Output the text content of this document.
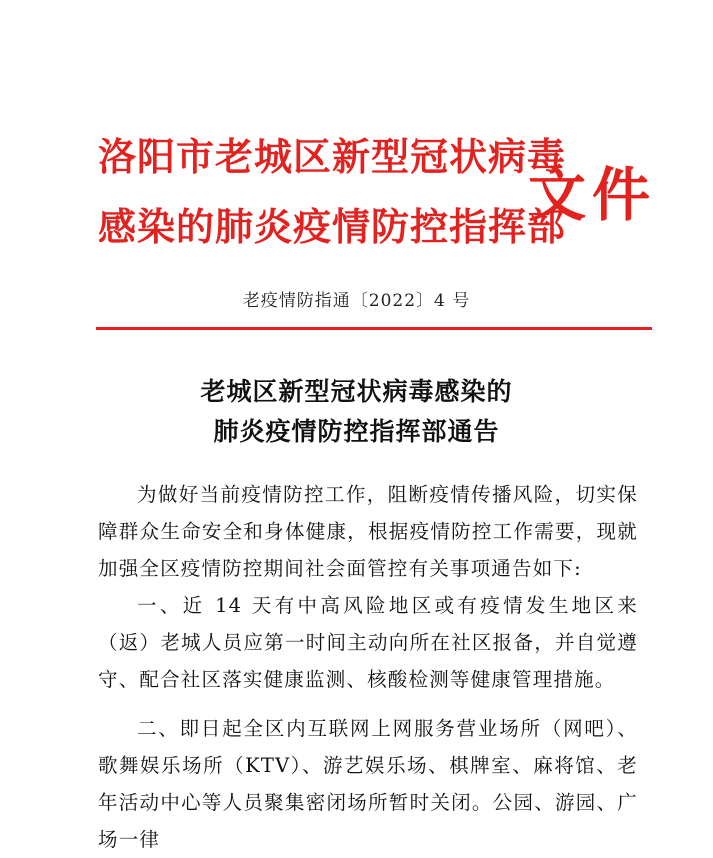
洛阳市老城区新型冠状病毒
感染的肺炎疫情防控指挥部
文件
老疫情防指通〔2022〕4 号
老城区新型冠状病毒感染的
肺炎疫情防控指挥部通告

为做好当前疫情防控工作，阻断疫情传播风险，切实保障群众生命安全和身体健康，根据疫情防控工作需要，现就加强全区疫情防控期间社会面管控有关事项通告如下:

一、近 14 天有中高风险地区或有疫情发生地区来（返）老城人员应第一时间主动向所在社区报备，并自觉遵守、配合社区落实健康监测、核酸检测等健康管理措施。

二、即日起全区内互联网上网服务营业场所（网吧）、歌舞娱乐场所（KTV）、游艺娱乐场、棋牌室、麻将馆、老年活动中心等人员聚集密闭场所暂时关闭。公园、游园、广场一律
